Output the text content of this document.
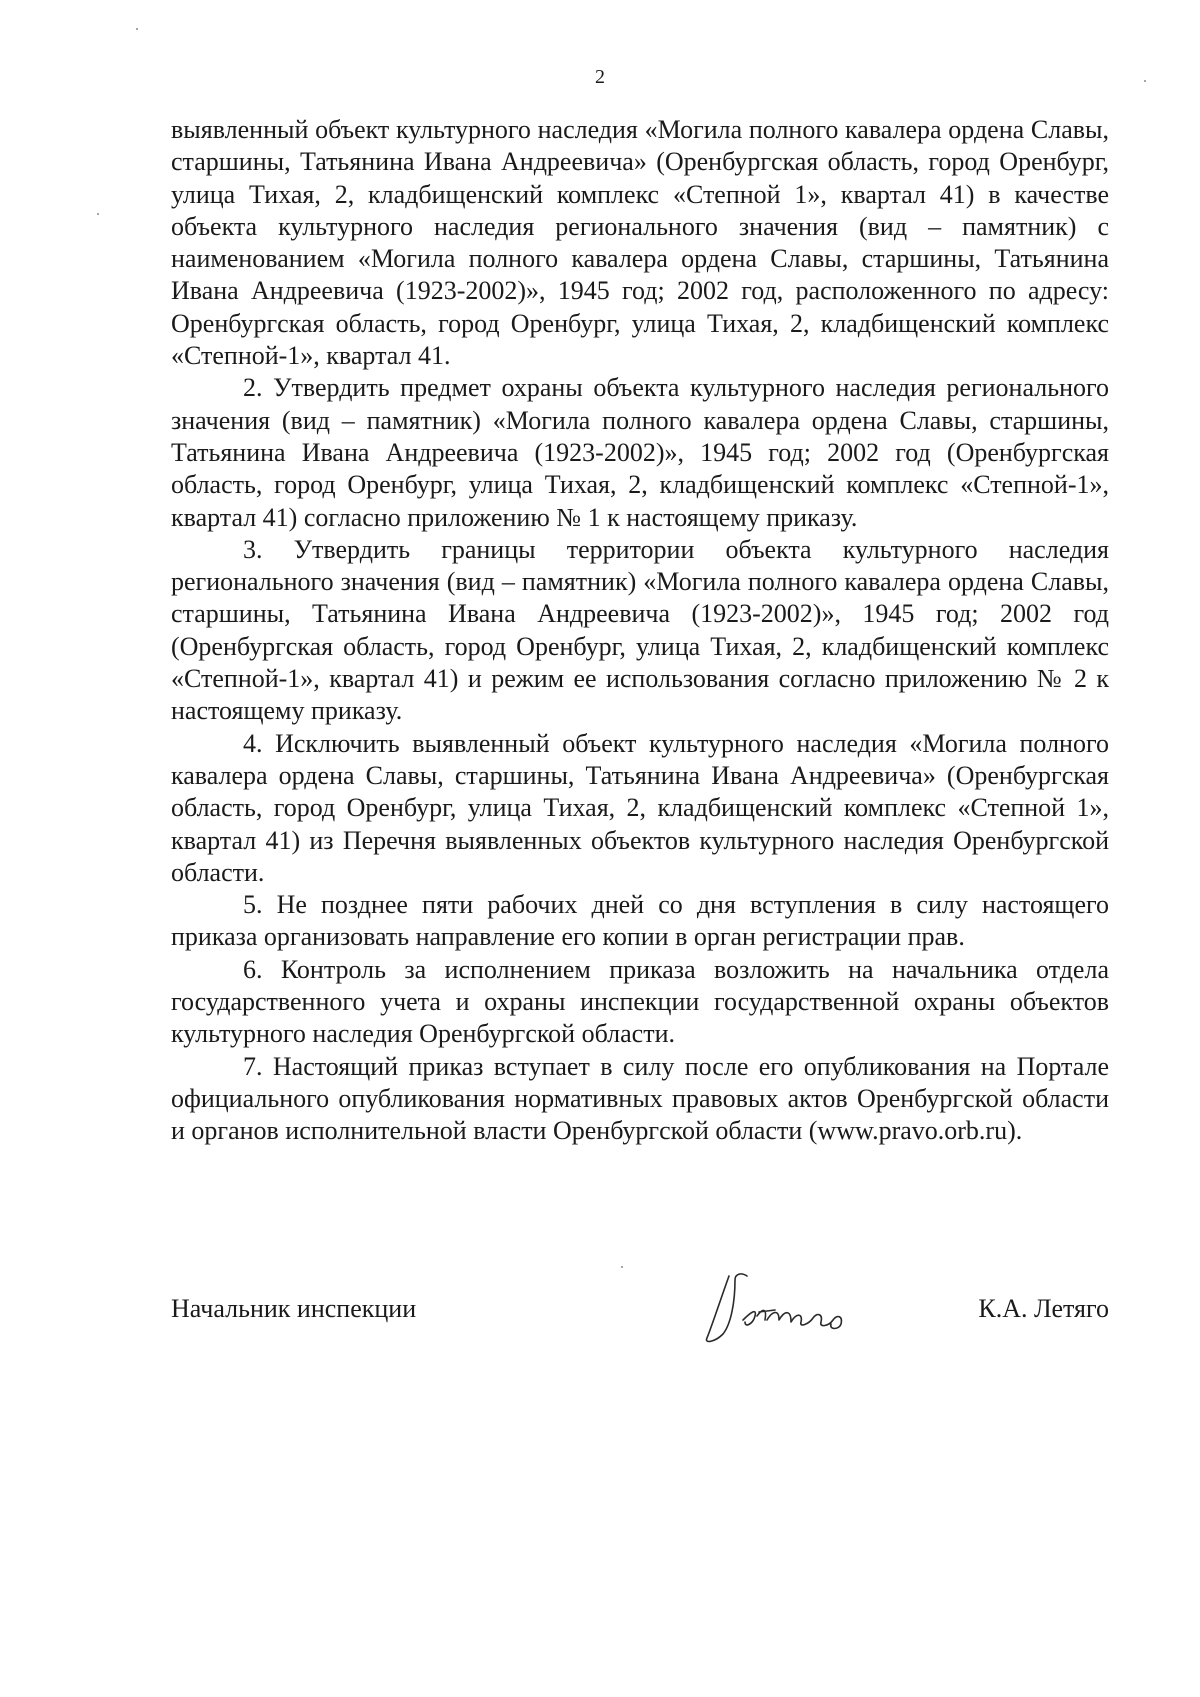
2

выявленный объект культурного наследия «Могила полного кавалера ордена Славы, старшины, Татьянина Ивана Андреевича» (Оренбургская область, город Оренбург, улица Тихая, 2, кладбищенский комплекс «Степной 1», квартал 41) в качестве объекта культурного наследия регионального значения (вид – памятник) с наименованием «Могила полного кавалера ордена Славы, старшины, Татьянина Ивана Андреевича (1923-2002)», 1945 год; 2002 год, расположенного по адресу: Оренбургская область, город Оренбург, улица Тихая, 2, кладбищенский комплекс «Степной-1», квартал 41.

2. Утвердить предмет охраны объекта культурного наследия регионального значения (вид – памятник) «Могила полного кавалера ордена Славы, старшины, Татьянина Ивана Андреевича (1923-2002)», 1945 год; 2002 год (Оренбургская область, город Оренбург, улица Тихая, 2, кладбищенский комплекс «Степной-1», квартал 41) согласно приложению № 1 к настоящему приказу.

3. Утвердить границы территории объекта культурного наследия регионального значения (вид – памятник) «Могила полного кавалера ордена Славы, старшины, Татьянина Ивана Андреевича (1923-2002)», 1945 год; 2002 год (Оренбургская область, город Оренбург, улица Тихая, 2, кладбищенский комплекс «Степной-1», квартал 41) и режим ее использования согласно приложению № 2 к настоящему приказу.

4. Исключить выявленный объект культурного наследия «Могила полного кавалера ордена Славы, старшины, Татьянина Ивана Андреевича» (Оренбургская область, город Оренбург, улица Тихая, 2, кладбищенский комплекс «Степной 1», квартал 41) из Перечня выявленных объектов культурного наследия Оренбургской области.

5. Не позднее пяти рабочих дней со дня вступления в силу настоящего приказа организовать направление его копии в орган регистрации прав.

6. Контроль за исполнением приказа возложить на начальника отдела государственного учета и охраны инспекции государственной охраны объектов культурного наследия Оренбургской области.

7. Настоящий приказ вступает в силу после его опубликования на Портале официального опубликования нормативных правовых актов Оренбургской области и органов исполнительной власти Оренбургской области (www.pravo.orb.ru).

Начальник инспекции	К.А. Летяго
